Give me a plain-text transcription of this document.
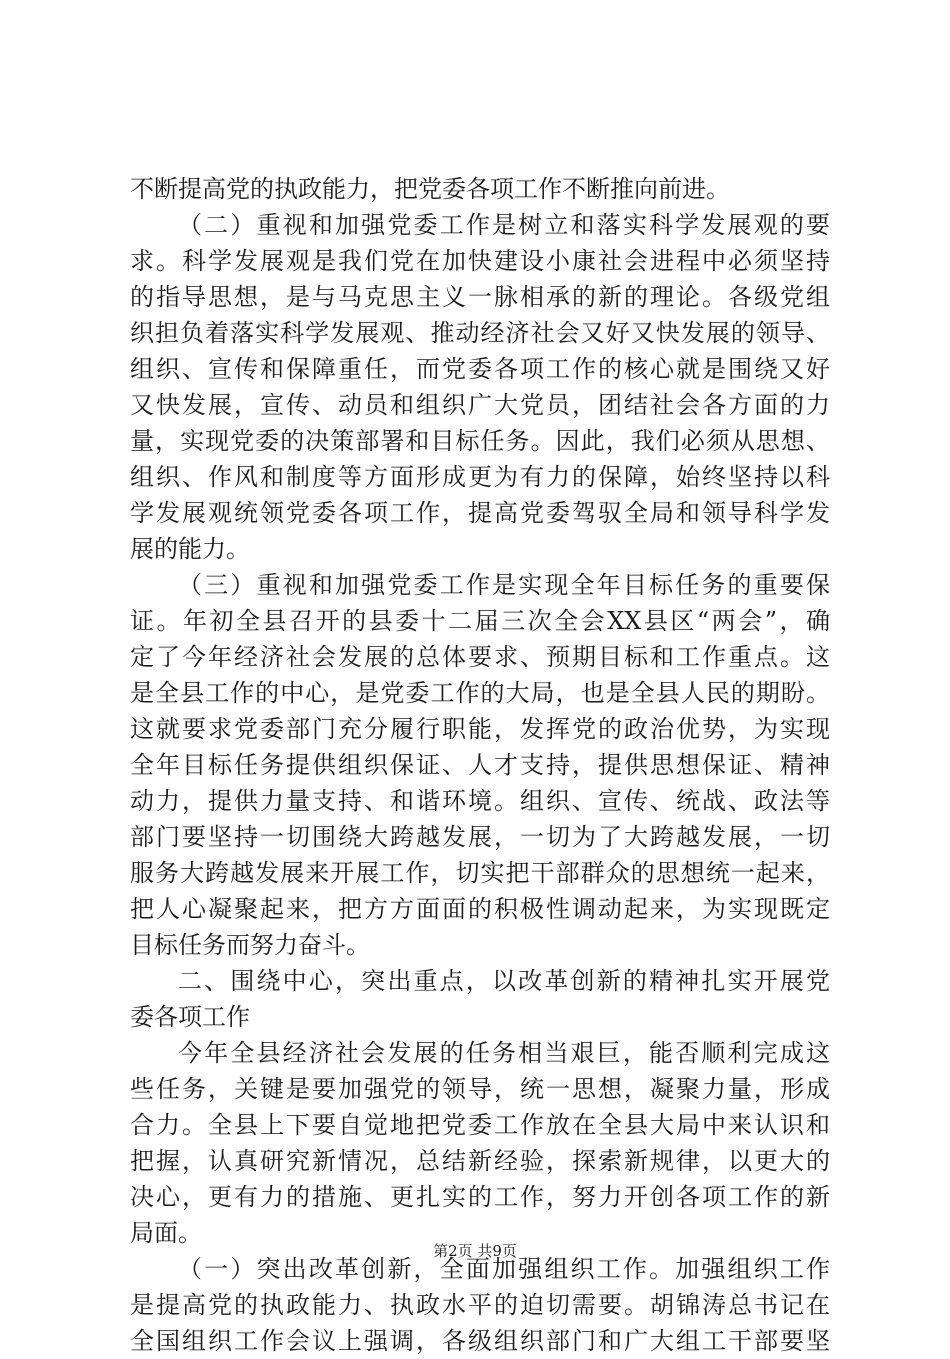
不断提高党的执政能力，把党委各项工作不断推向前进。
（二）重视和加强党委工作是树立和落实科学发展观的要
求。科学发展观是我们党在加快建设小康社会进程中必须坚持
的指导思想，是与马克思主义一脉相承的新的理论。各级党组
织担负着落实科学发展观、推动经济社会又好又快发展的领导、
组织、宣传和保障重任，而党委各项工作的核心就是围绕又好
又快发展，宣传、动员和组织广大党员，团结社会各方面的力
量，实现党委的决策部署和目标任务。因此，我们必须从思想、
组织、作风和制度等方面形成更为有力的保障，始终坚持以科
学发展观统领党委各项工作，提高党委驾驭全局和领导科学发
展的能力。
（三）重视和加强党委工作是实现全年目标任务的重要保
证。年初全县召开的县委十二届三次全会XX县区“两会”，确
定了今年经济社会发展的总体要求、预期目标和工作重点。这
是全县工作的中心，是党委工作的大局，也是全县人民的期盼。
这就要求党委部门充分履行职能，发挥党的政治优势，为实现
全年目标任务提供组织保证、人才支持，提供思想保证、精神
动力，提供力量支持、和谐环境。组织、宣传、统战、政法等
部门要坚持一切围绕大跨越发展，一切为了大跨越发展，一切
服务大跨越发展来开展工作，切实把干部群众的思想统一起来，
把人心凝聚起来，把方方面面的积极性调动起来，为实现既定
目标任务而努力奋斗。
二、围绕中心，突出重点，以改革创新的精神扎实开展党
委各项工作
今年全县经济社会发展的任务相当艰巨，能否顺利完成这
些任务，关键是要加强党的领导，统一思想，凝聚力量，形成
合力。全县上下要自觉地把党委工作放在全县大局中来认识和
把握，认真研究新情况，总结新经验，探索新规律，以更大的
决心，更有力的措施、更扎实的工作，努力开创各项工作的新
局面。
（一）突出改革创新，全面加强组织工作。加强组织工作
是提高党的执政能力、执政水平的迫切需要。胡锦涛总书记在
全国组织工作会议上强调，各级组织部门和广大组工干部要坚
第2页 共9页
